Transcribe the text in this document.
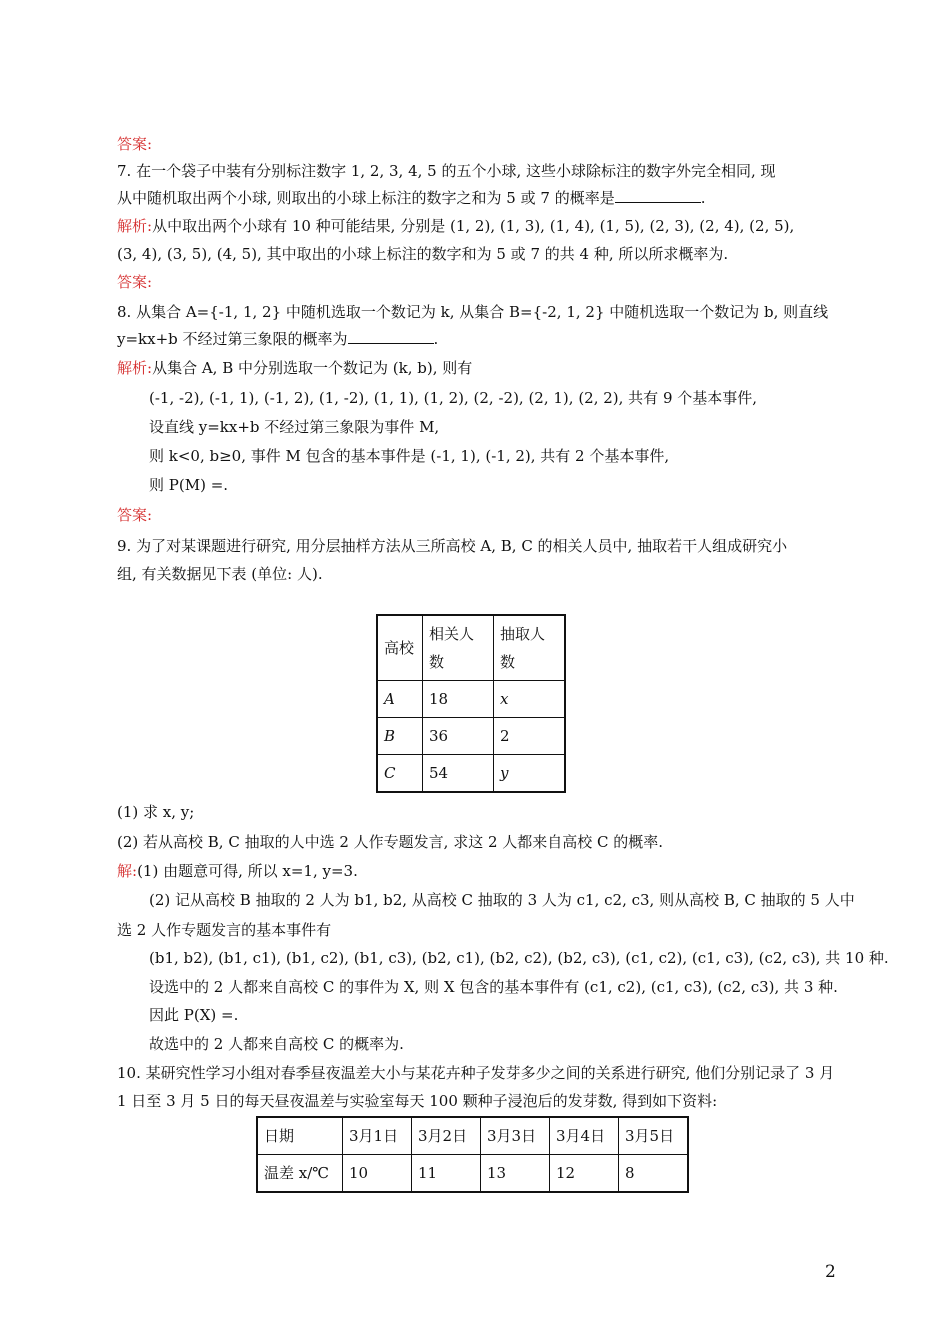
答案:
7. 在一个袋子中装有分别标注数字 1, 2, 3, 4, 5 的五个小球, 这些小球除标注的数字外完全相同, 现
从中随机取出两个小球, 则取出的小球上标注的数字之和为 5 或 7 的概率是	.
解析:从中取出两个小球有 10 种可能结果, 分别是 (1, 2), (1, 3), (1, 4), (1, 5), (2, 3), (2, 4), (2, 5),
(3, 4), (3, 5), (4, 5), 其中取出的小球上标注的数字和为 5 或 7 的共 4 种, 所以所求概率为.
答案:
8. 从集合 A={-1, 1, 2} 中随机选取一个数记为 k, 从集合 B={-2, 1, 2} 中随机选取一个数记为 b, 则直线
y=kx+b 不经过第三象限的概率为	.
解析:从集合 A, B 中分别选取一个数记为 (k, b), 则有
(-1, -2), (-1, 1), (-1, 2), (1, -2), (1, 1), (1, 2), (2, -2), (2, 1), (2, 2), 共有 9 个基本事件,
设直线 y=kx+b 不经过第三象限为事件 M,
则 k<0, b≥0, 事件 M 包含的基本事件是 (-1, 1), (-1, 2), 共有 2 个基本事件,
则 P(M) =.
答案:
9. 为了对某课题进行研究, 用分层抽样方法从三所高校 A, B, C 的相关人员中, 抽取若干人组成研究小
组, 有关数据见下表 (单位: 人).
高校	相关人数	抽取人数
A	18	x
B	36	2
C	54	y
(1) 求 x, y;
(2) 若从高校 B, C 抽取的人中选 2 人作专题发言, 求这 2 人都来自高校 C 的概率.
解:(1) 由题意可得, 所以 x=1, y=3.
(2) 记从高校 B 抽取的 2 人为 b1, b2, 从高校 C 抽取的 3 人为 c1, c2, c3, 则从高校 B, C 抽取的 5 人中
选 2 人作专题发言的基本事件有
(b1, b2), (b1, c1), (b1, c2), (b1, c3), (b2, c1), (b2, c2), (b2, c3), (c1, c2), (c1, c3), (c2, c3), 共 10 种.
设选中的 2 人都来自高校 C 的事件为 X, 则 X 包含的基本事件有 (c1, c2), (c1, c3), (c2, c3), 共 3 种.
因此 P(X) =.
故选中的 2 人都来自高校 C 的概率为.
10. 某研究性学习小组对春季昼夜温差大小与某花卉种子发芽多少之间的关系进行研究, 他们分别记录了 3 月
1 日至 3 月 5 日的每天昼夜温差与实验室每天 100 颗种子浸泡后的发芽数, 得到如下资料:
日期	3月1日	3月2日	3月3日	3月4日	3月5日
温差 x/℃	10	11	13	12	8
2
